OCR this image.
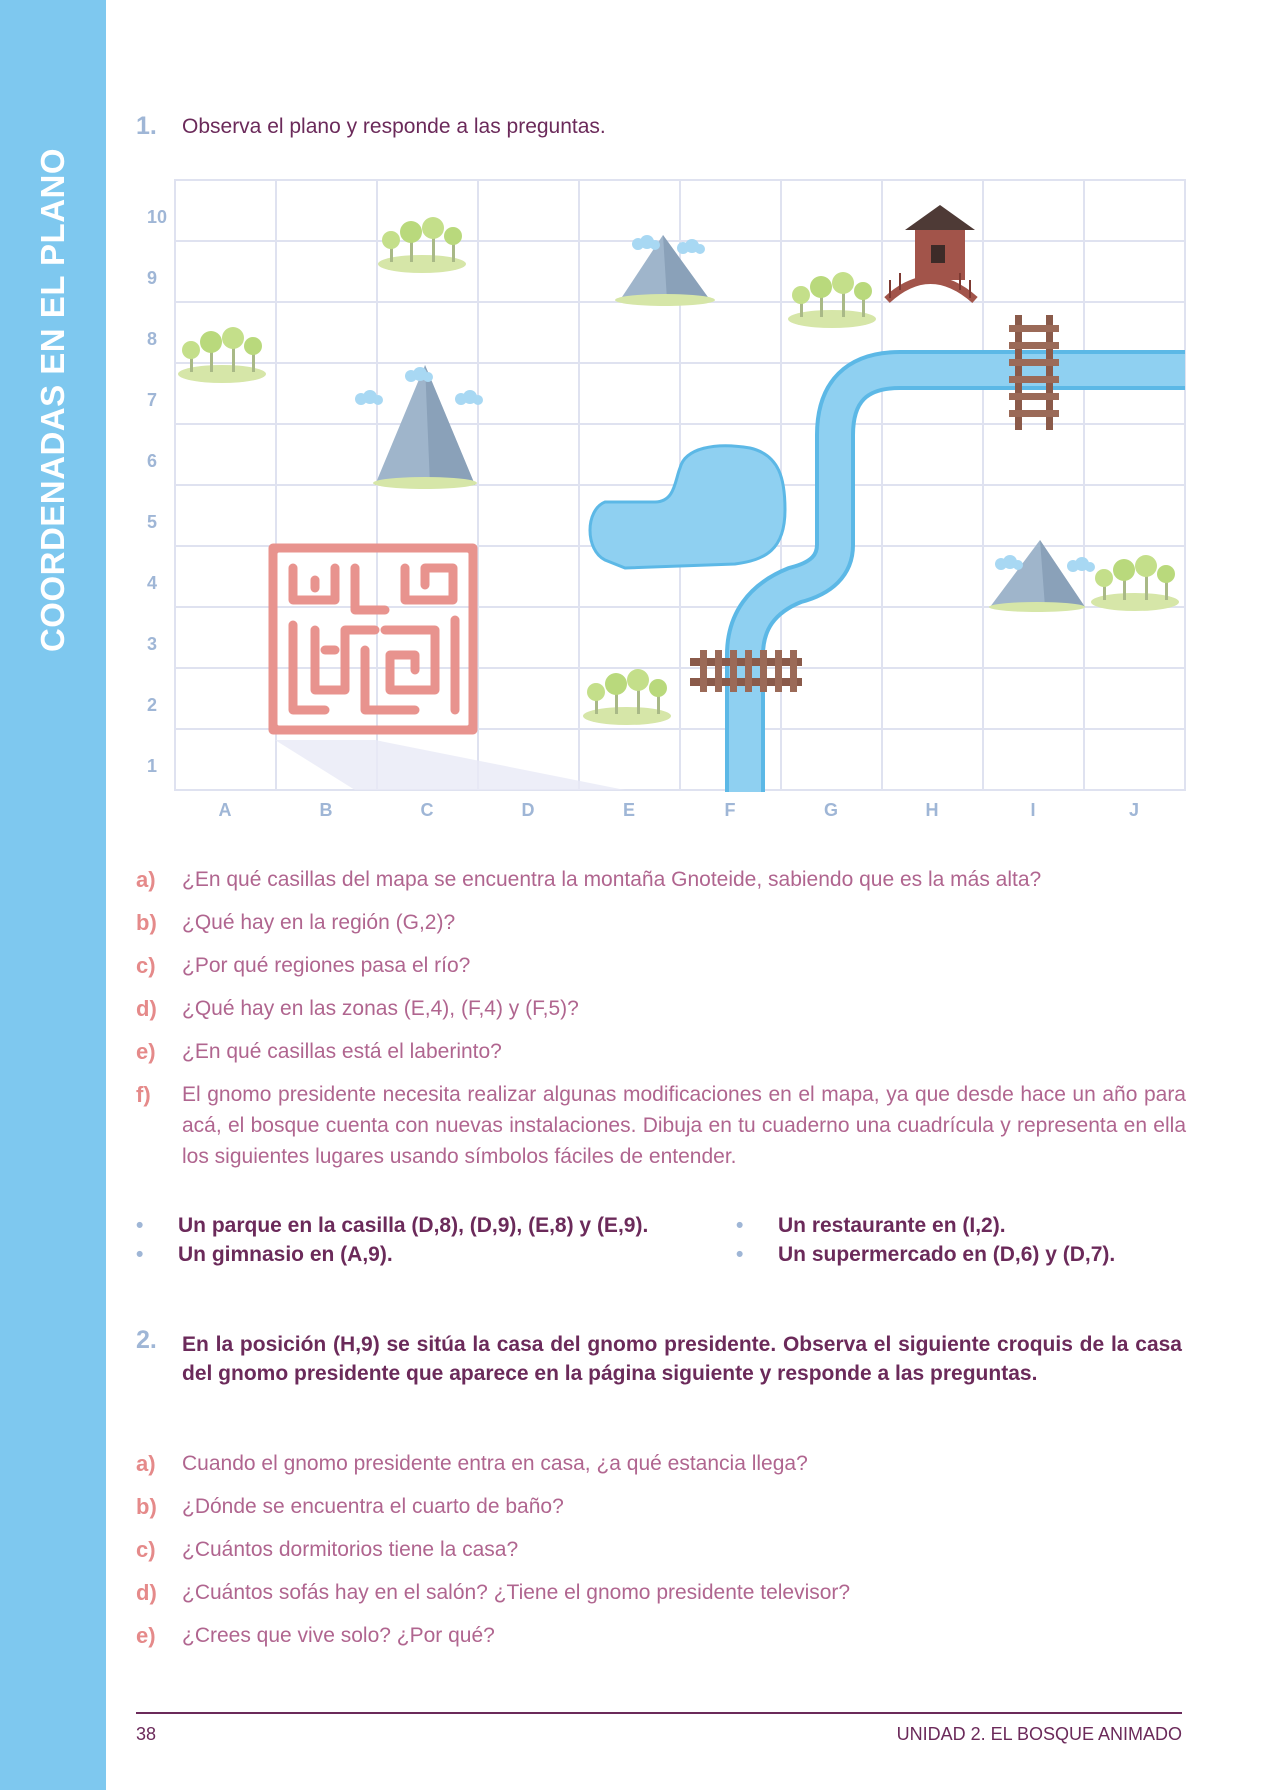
COORDENADAS EN EL PLANO
1. Observa el plano y responde a las preguntas.
10
9
8
7
6
5
4
3
2
1
A	B	C	D	E	F	G	H	I	J
a) ¿En qué casillas del mapa se encuentra la montaña Gnoteide, sabiendo que es la más alta?
b) ¿Qué hay en la región (G,2)?
c) ¿Por qué regiones pasa el río?
d) ¿Qué hay en las zonas (E,4), (F,4) y (F,5)?
e) ¿En qué casillas está el laberinto?
f) El gnomo presidente necesita realizar algunas modificaciones en el mapa, ya que desde hace un año para acá, el bosque cuenta con nuevas instalaciones. Dibuja en tu cuaderno una cuadrícula y representa en ella los siguientes lugares usando símbolos fáciles de entender.
• Un parque en la casilla (D,8), (D,9), (E,8) y (E,9).
• Un gimnasio en (A,9).
• Un restaurante en (I,2).
• Un supermercado en (D,6) y (D,7).
2. En la posición (H,9) se sitúa la casa del gnomo presidente. Observa el siguiente croquis de la casa del gnomo presidente que aparece en la página siguiente y responde a las preguntas.
a) Cuando el gnomo presidente entra en casa, ¿a qué estancia llega?
b) ¿Dónde se encuentra el cuarto de baño?
c) ¿Cuántos dormitorios tiene la casa?
d) ¿Cuántos sofás hay en el salón? ¿Tiene el gnomo presidente televisor?
e) ¿Crees que vive solo? ¿Por qué?
38	UNIDAD 2. EL BOSQUE ANIMADO
